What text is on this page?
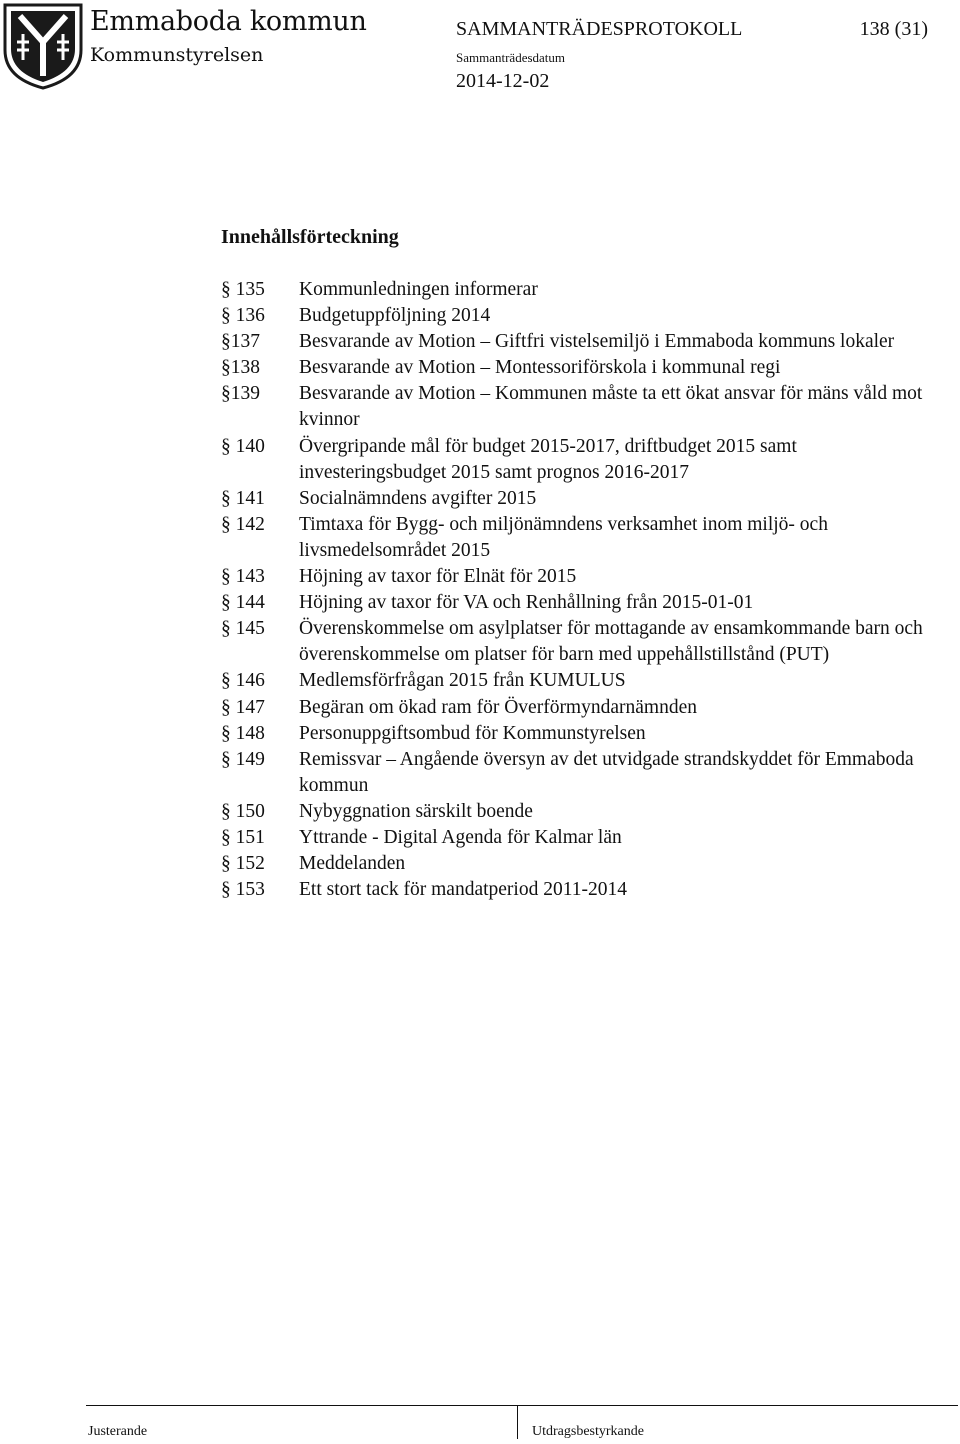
Emmaboda kommun
Kommunstyrelsen
SAMMANTRÄDESPROTOKOLL	138 (31)
Sammanträdesdatum
2014-12-02
Innehållsförteckning
§ 135	Kommunledningen informerar
§ 136	Budgetuppföljning 2014
§137	Besvarande av Motion – Giftfri vistelsemiljö i Emmaboda kommuns lokaler
§138	Besvarande av Motion – Montessoriförskola i kommunal regi
§139	Besvarande av Motion – Kommunen måste ta ett ökat ansvar för mäns våld mot kvinnor
§ 140	Övergripande mål för budget 2015-2017, driftbudget 2015 samt investeringsbudget 2015 samt prognos 2016-2017
§ 141	Socialnämndens avgifter 2015
§ 142	Timtaxa för Bygg- och miljönämndens verksamhet inom miljö- och livsmedelsområdet 2015
§ 143	Höjning av taxor för Elnät för 2015
§ 144	Höjning av taxor för VA och Renhållning från 2015-01-01
§ 145	Överenskommelse om asylplatser för mottagande av ensamkommande barn och överenskommelse om platser för barn med uppehållstillstånd (PUT)
§ 146	Medlemsförfrågan 2015 från KUMULUS
§ 147	Begäran om ökad ram för Överförmyndarnämnden
§ 148	Personuppgiftsombud för Kommunstyrelsen
§ 149	Remissvar – Angående översyn av det utvidgade strandskyddet för Emmaboda kommun
§ 150	Nybyggnation särskilt boende
§ 151	Yttrande - Digital Agenda för Kalmar län
§ 152	Meddelanden
§ 153	Ett stort tack för mandatperiod 2011-2014
Justerande	Utdragsbestyrkande
